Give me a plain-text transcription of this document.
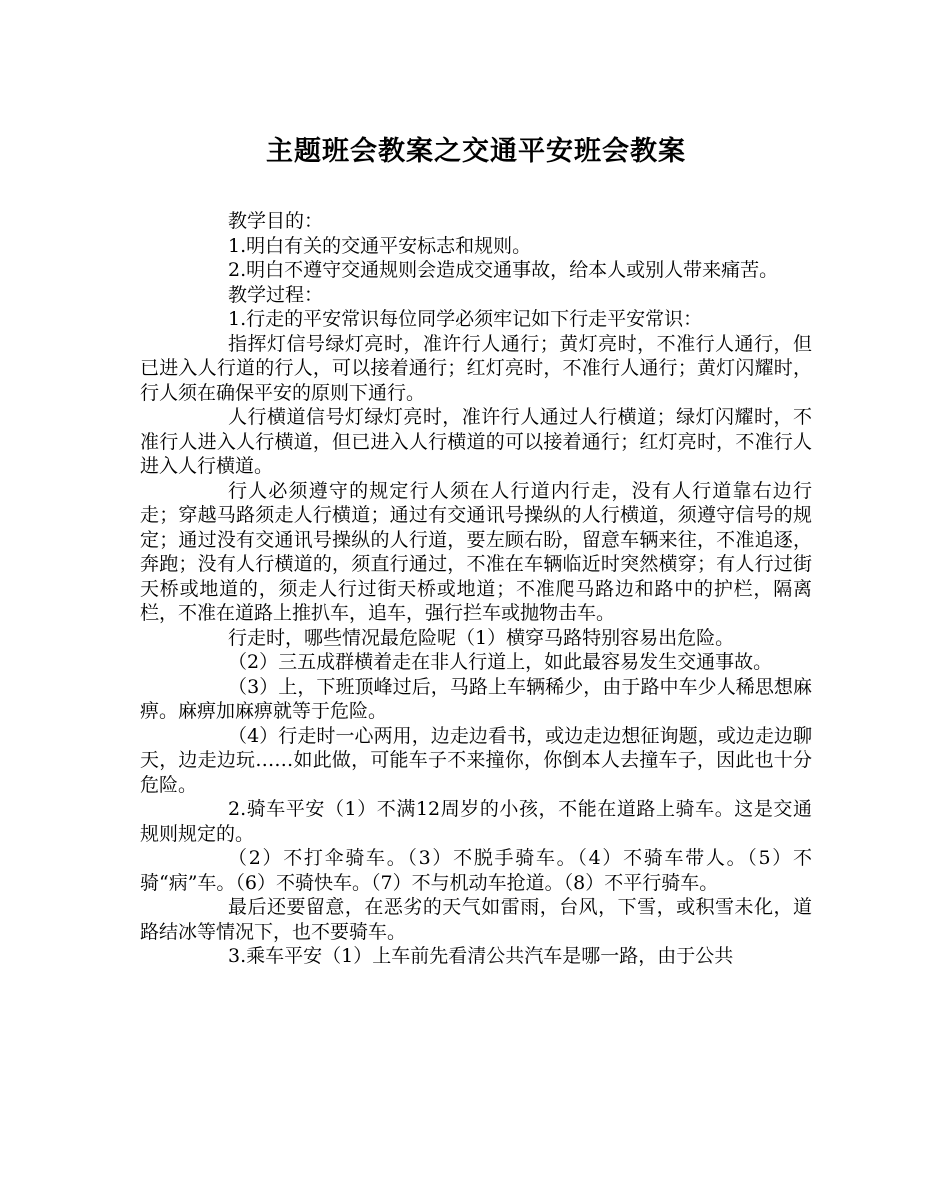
主题班会教案之交通平安班会教案

教学目的：

1.明白有关的交通平安标志和规则。

2.明白不遵守交通规则会造成交通事故，给本人或别人带来痛苦。

教学过程：

1.行走的平安常识每位同学必须牢记如下行走平安常识：

指挥灯信号绿灯亮时，准许行人通行；黄灯亮时，不准行人通行，但已进入人行道的行人，可以接着通行；红灯亮时，不准行人通行；黄灯闪耀时，行人须在确保平安的原则下通行。

人行横道信号灯绿灯亮时，准许行人通过人行横道；绿灯闪耀时，不准行人进入人行横道，但已进入人行横道的可以接着通行；红灯亮时，不准行人进入人行横道。

行人必须遵守的规定行人须在人行道内行走，没有人行道靠右边行走；穿越马路须走人行横道；通过有交通讯号操纵的人行横道，须遵守信号的规定；通过没有交通讯号操纵的人行道，要左顾右盼，留意车辆来往，不准追逐，奔跑；没有人行横道的，须直行通过，不准在车辆临近时突然横穿；有人行过街天桥或地道的，须走人行过街天桥或地道；不准爬马路边和路中的护栏，隔离栏，不准在道路上推扒车，追车，强行拦车或抛物击车。

行走时，哪些情况最危险呢（1）横穿马路特别容易出危险。

（2）三五成群横着走在非人行道上，如此最容易发生交通事故。

（3）上，下班顶峰过后，马路上车辆稀少，由于路中车少人稀思想麻痹。麻痹加麻痹就等于危险。

（4）行走时一心两用，边走边看书，或边走边想征询题，或边走边聊天，边走边玩……如此做，可能车子不来撞你，你倒本人去撞车子，因此也十分危险。

2.骑车平安（1）不满12周岁的小孩，不能在道路上骑车。这是交通规则规定的。

（2）不打伞骑车。（3）不脱手骑车。（4）不骑车带人。（5）不骑“病”车。（6）不骑快车。（7）不与机动车抢道。（8）不平行骑车。

最后还要留意，在恶劣的天气如雷雨，台风，下雪，或积雪未化，道路结冰等情况下，也不要骑车。

3.乘车平安（1）上车前先看清公共汽车是哪一路，由于公共
